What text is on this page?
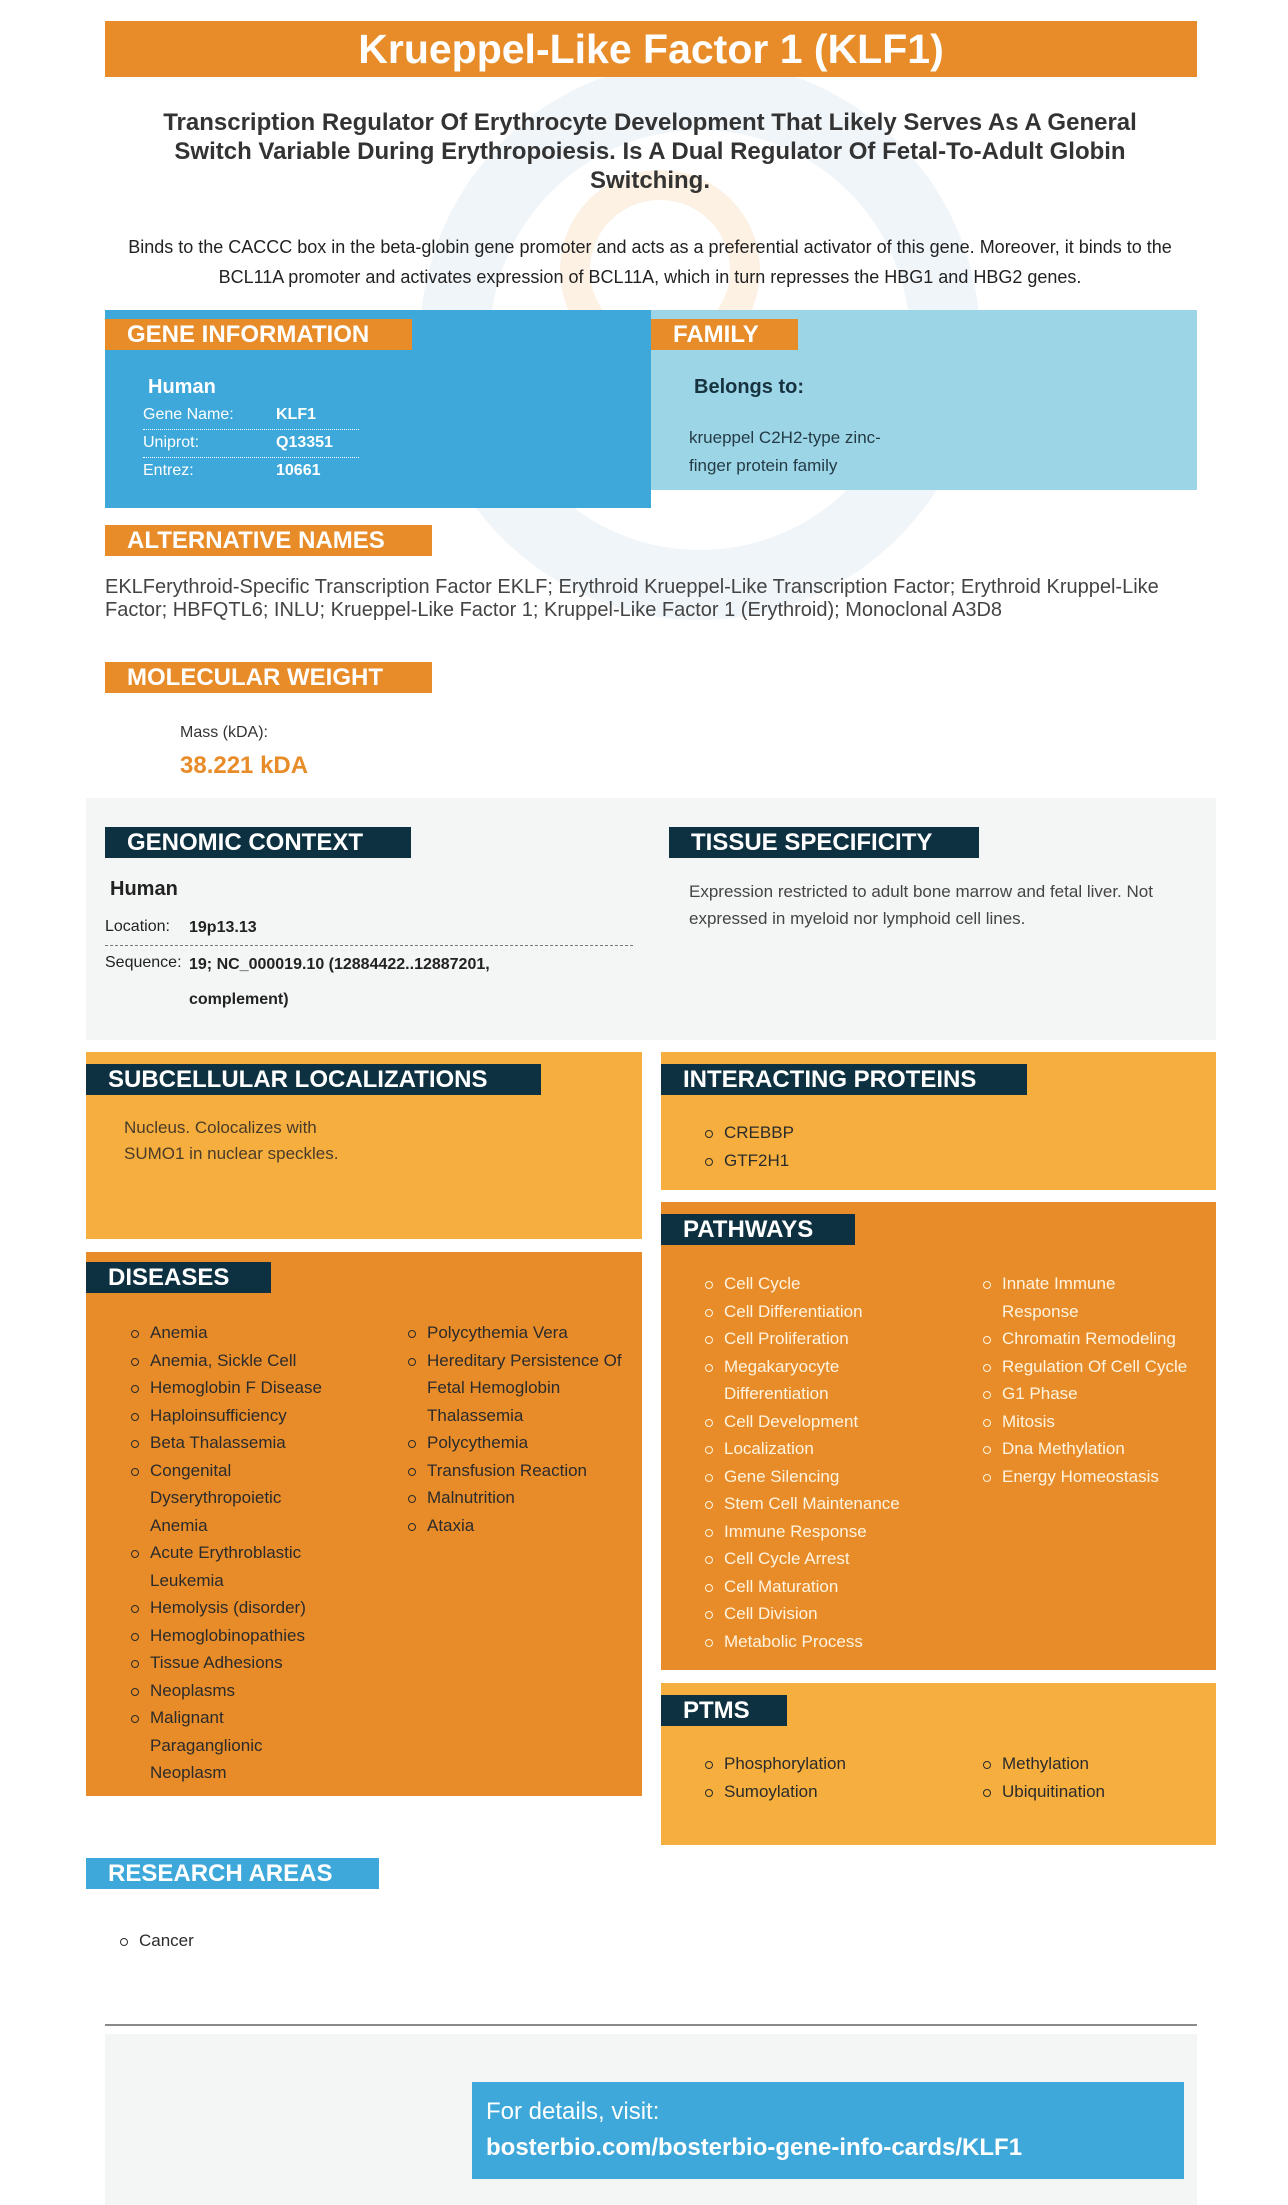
Krueppel-Like Factor 1 (KLF1)
Transcription Regulator Of Erythrocyte Development That Likely Serves As A General Switch Variable During Erythropoiesis. Is A Dual Regulator Of Fetal-To-Adult Globin Switching.
Binds to the CACCC box in the beta-globin gene promoter and acts as a preferential activator of this gene. Moreover, it binds to the BCL11A promoter and activates expression of BCL11A, which in turn represses the HBG1 and HBG2 genes.
GENE INFORMATION
Human
Gene Name:	KLF1
Uniprot:	Q13351
Entrez:	10661
FAMILY
Belongs to:
krueppel C2H2-type zinc-finger protein family
ALTERNATIVE NAMES
EKLFerythroid-Specific Transcription Factor EKLF; Erythroid Krueppel-Like Transcription Factor; Erythroid Kruppel-Like Factor; HBFQTL6; INLU; Krueppel-Like Factor 1; Kruppel-Like Factor 1 (Erythroid); Monoclonal A3D8
MOLECULAR WEIGHT
Mass (kDA):
38.221 kDA
GENOMIC CONTEXT
Human
Location: 19p13.13
Sequence: 19; NC_000019.10 (12884422..12887201, complement)
TISSUE SPECIFICITY
Expression restricted to adult bone marrow and fetal liver. Not expressed in myeloid nor lymphoid cell lines.
SUBCELLULAR LOCALIZATIONS
Nucleus. Colocalizes with SUMO1 in nuclear speckles.
INTERACTING PROTEINS
CREBBP
GTF2H1
DISEASES
Anemia
Anemia, Sickle Cell
Hemoglobin F Disease
Haploinsufficiency
Beta Thalassemia
Congenital Dyserythropoietic Anemia
Acute Erythroblastic Leukemia
Hemolysis (disorder)
Hemoglobinopathies
Tissue Adhesions
Neoplasms
Malignant Paraganglionic Neoplasm
Polycythemia Vera
Hereditary Persistence Of Fetal Hemoglobin Thalassemia
Polycythemia
Transfusion Reaction
Malnutrition
Ataxia
PATHWAYS
Cell Cycle
Cell Differentiation
Cell Proliferation
Megakaryocyte Differentiation
Cell Development
Localization
Gene Silencing
Stem Cell Maintenance
Immune Response
Cell Cycle Arrest
Cell Maturation
Cell Division
Metabolic Process
Innate Immune Response
Chromatin Remodeling
Regulation Of Cell Cycle
G1 Phase
Mitosis
Dna Methylation
Energy Homeostasis
PTMS
Phosphorylation
Sumoylation
Methylation
Ubiquitination
RESEARCH AREAS
Cancer
For details, visit:
bosterbio.com/bosterbio-gene-info-cards/KLF1
